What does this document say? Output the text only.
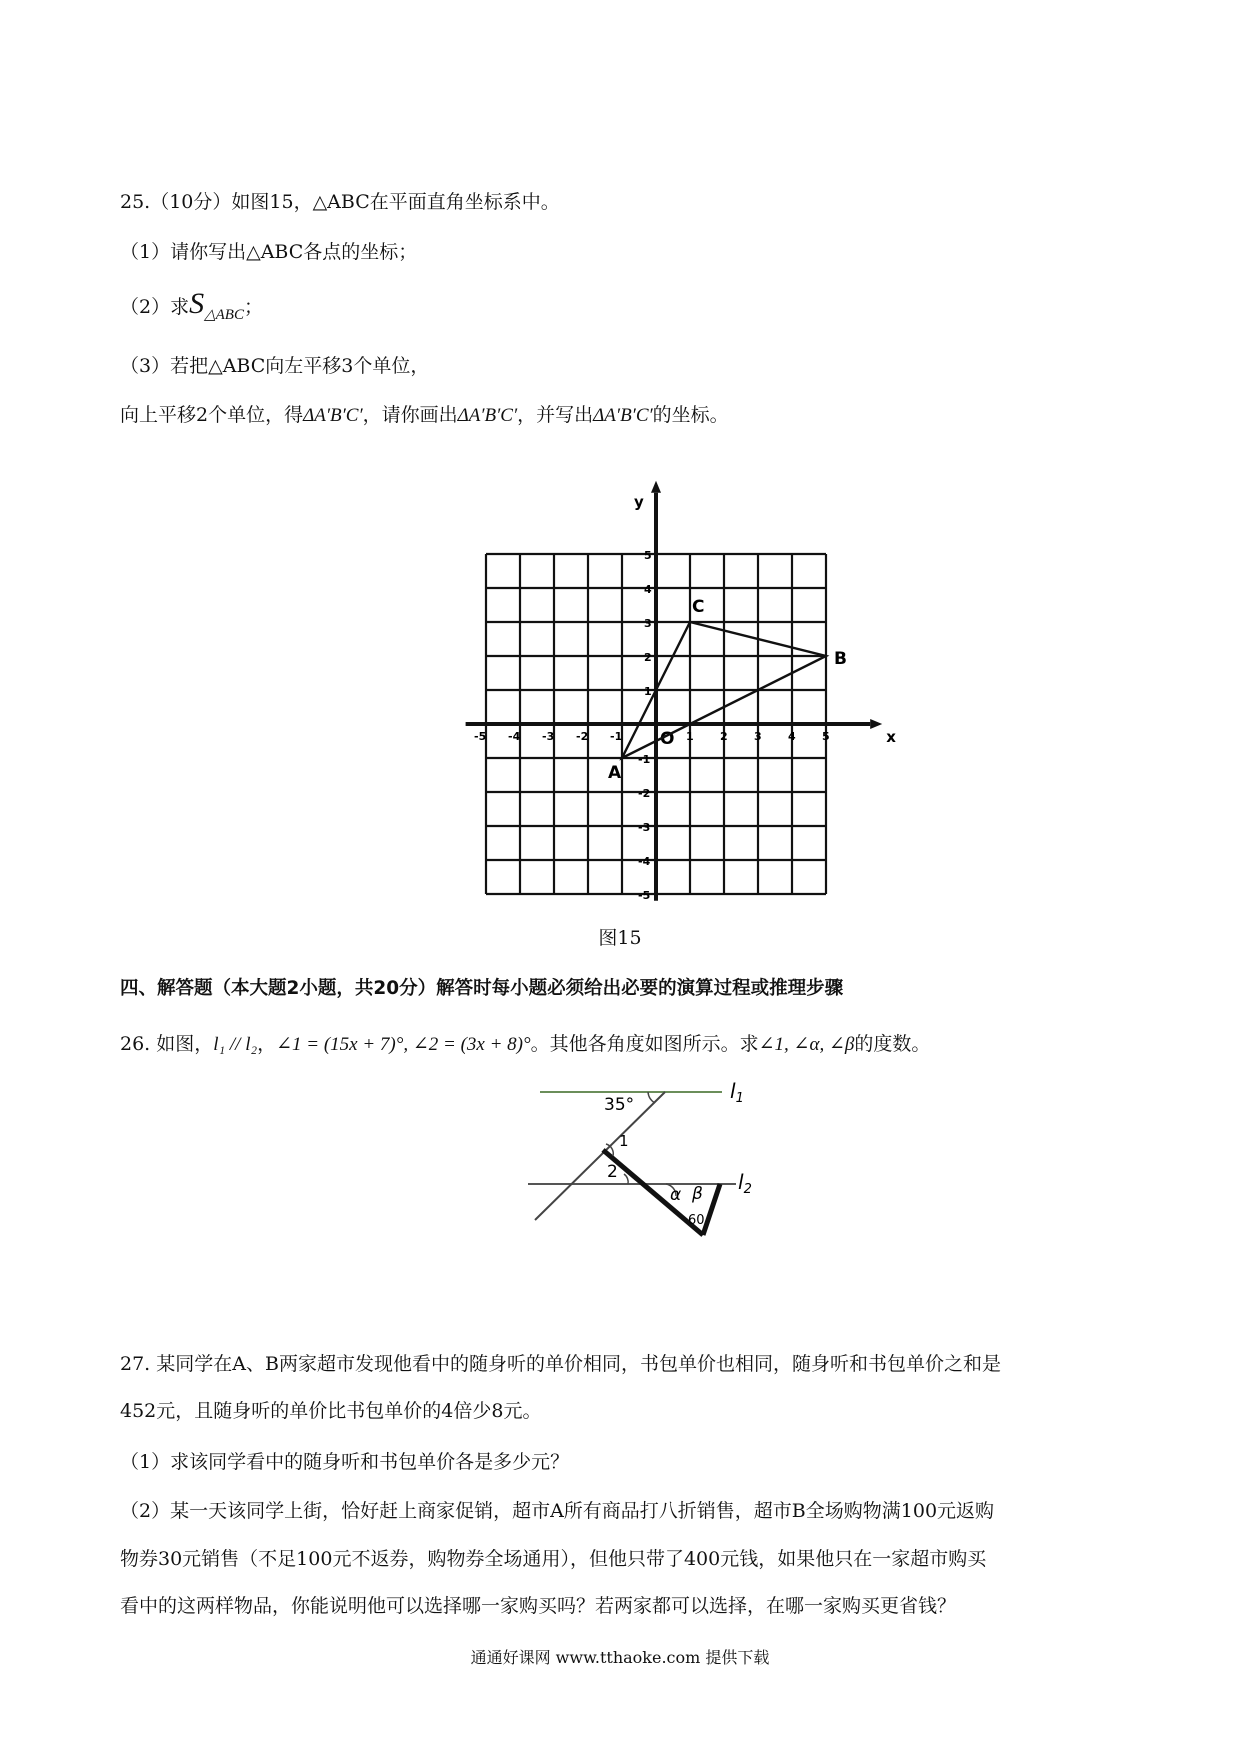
25.（10分）如图15，△ABC在平面直角坐标系中。
（1）请你写出△ABC各点的坐标；
（2）求$S_{\triangle ABC}$；
（3）若把△ABC向左平移3个单位，
向上平移2个单位，得ΔA′B′C′，请你画出ΔA′B′C′，并写出ΔA′B′C′的坐标。
x
y
O
-5 -4 -3 -2 -1	1 2 3 4 5
5
4
3
2
1
-1
-2
-3
-4
-5
A
B
C
图15
四、解答题（本大题2小题，共20分）解答时每小题必须给出必要的演算过程或推理步骤
26. 如图，l₁ // l₂，∠1 = (15x + 7)°, ∠2 = (3x + 8)°。其他各角度如图所示。求∠1, ∠α, ∠β的度数。
35°
1
2
α β
60
$l_1$
$l_2$
27. 某同学在A、B两家超市发现他看中的随身听的单价相同，书包单价也相同，随身听和书包单价之和是
452元，且随身听的单价比书包单价的4倍少8元。
（1）求该同学看中的随身听和书包单价各是多少元？
（2）某一天该同学上街，恰好赶上商家促销，超市A所有商品打八折销售，超市B全场购物满100元返购
物券30元销售（不足100元不返券，购物券全场通用），但他只带了400元钱，如果他只在一家超市购买
看中的这两样物品，你能说明他可以选择哪一家购买吗？若两家都可以选择，在哪一家购买更省钱？
通通好课网 www.tthaoke.com 提供下载
